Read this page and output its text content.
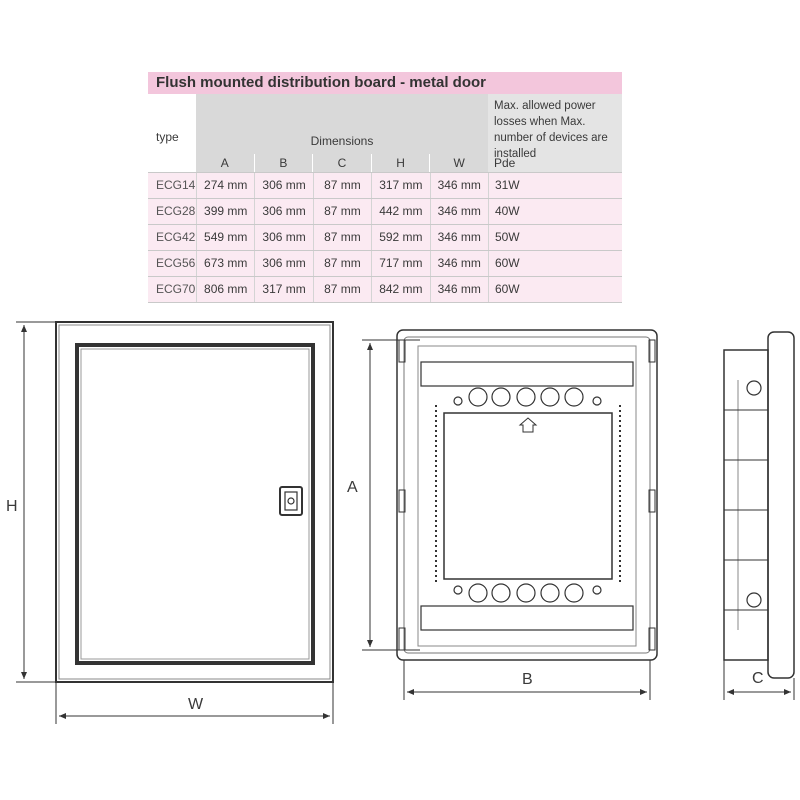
Flush mounted distribution board - metal door
type	Dimensions
A	B	C	H	W
Max. allowed power losses when Max. number of devices are installed
Pde
ECG14 274 mm	306 mm	87 mm	317 mm	346 mm	31W
ECG28 399 mm	306 mm	87 mm	442 mm	346 mm	40W
ECG42 549 mm	306 mm	87 mm	592 mm	346 mm	50W
ECG56 673 mm	306 mm	87 mm	717 mm	346 mm	60W
ECG70 806 mm	317 mm	87 mm	842 mm	346 mm	60W
H
W
A
B	C
